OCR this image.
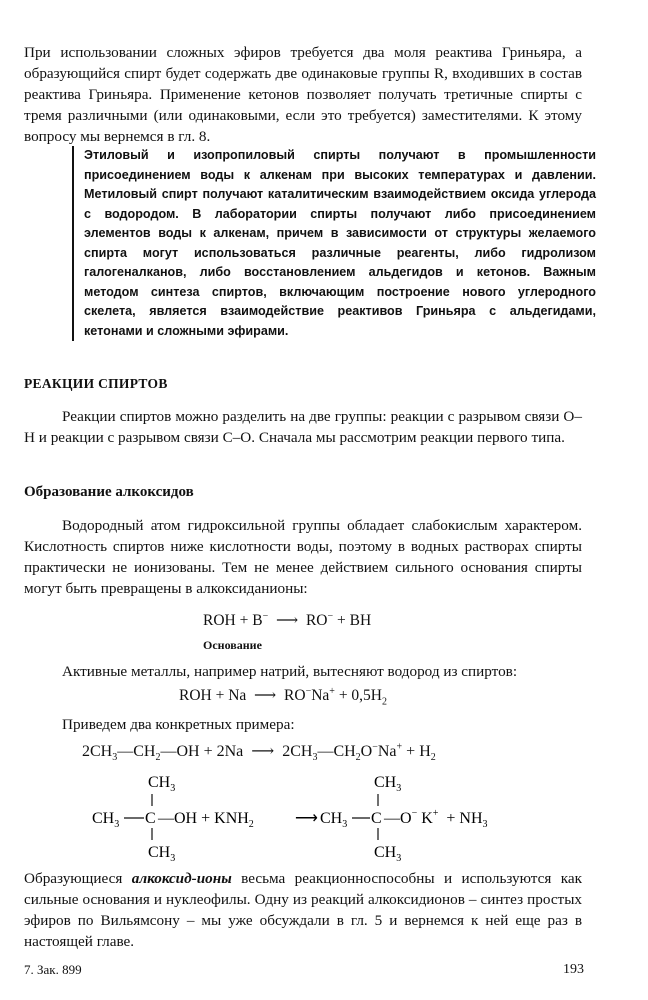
При использовании сложных эфиров требуется два моля реактива Гриньяра, а образующийся спирт будет содержать две одинаковые группы R, входивших в состав реактива Гриньяра. Применение кетонов позволяет получать третичные спирты с тремя различными (или одинаковыми, если это требуется) заместителями. К этому вопросу мы вернемся в гл. 8.

Этиловый и изопропиловый спирты получают в промышленности присоединением воды к алкенам при высоких температурах и давлении. Метиловый спирт получают каталитическим взаимодействием оксида углерода с водородом. В лаборатории спирты получают либо присоединением элементов воды к алкенам, причем в зависимости от структуры желаемого спирта могут использоваться различные реагенты, либо гидролизом галогеналканов, либо восстановлением альдегидов и кетонов. Важным методом синтеза спиртов, включающим построение нового углеродного скелета, является взаимодействие реактивов Гриньяра с альдегидами, кетонами и сложными эфирами.
РЕАКЦИИ СПИРТОВ

Реакции спиртов можно разделить на две группы: реакции с разрывом связи О–Н и реакции с разрывом связи С–О. Сначала мы рассмотрим реакции первого типа.

Образование алкоксидов

Водородный атом гидроксильной группы обладает слабокислым характером. Кислотность спиртов ниже кислотности воды, поэтому в водных растворах спирты практически не ионизованы. Тем не менее действием сильного основания спирты могут быть превращены в алкоксиданионы:

ROH + B−  ⟶  RO− + BH
Основание

Активные металлы, например натрий, вытесняют водород из спиртов:

ROH + Na  ⟶  $RO^-Na^+ + 0,5H_2$

Приведем два конкретных примера:

$2CH_3—CH_2—OH + 2Na$  ⟶  $2CH_3—CH_2O^-Na^+ + H_2$
$CH_3$
$CH_3$ C —OH + $KNH_2$
$CH_3$
⟶
$CH_3$
$CH_3$ C —O− $K^+ + NH_3$
$CH_3$

Образующиеся алкоксид-ионы весьма реакционноспособны и используются как сильные основания и нуклеофилы. Одну из реакций алкоксидионов – синтез простых эфиров по Вильямсону – мы уже обсуждали в гл. 5 и вернемся к ней еще раз в настоящей главе.

7. Зак. 899	193
